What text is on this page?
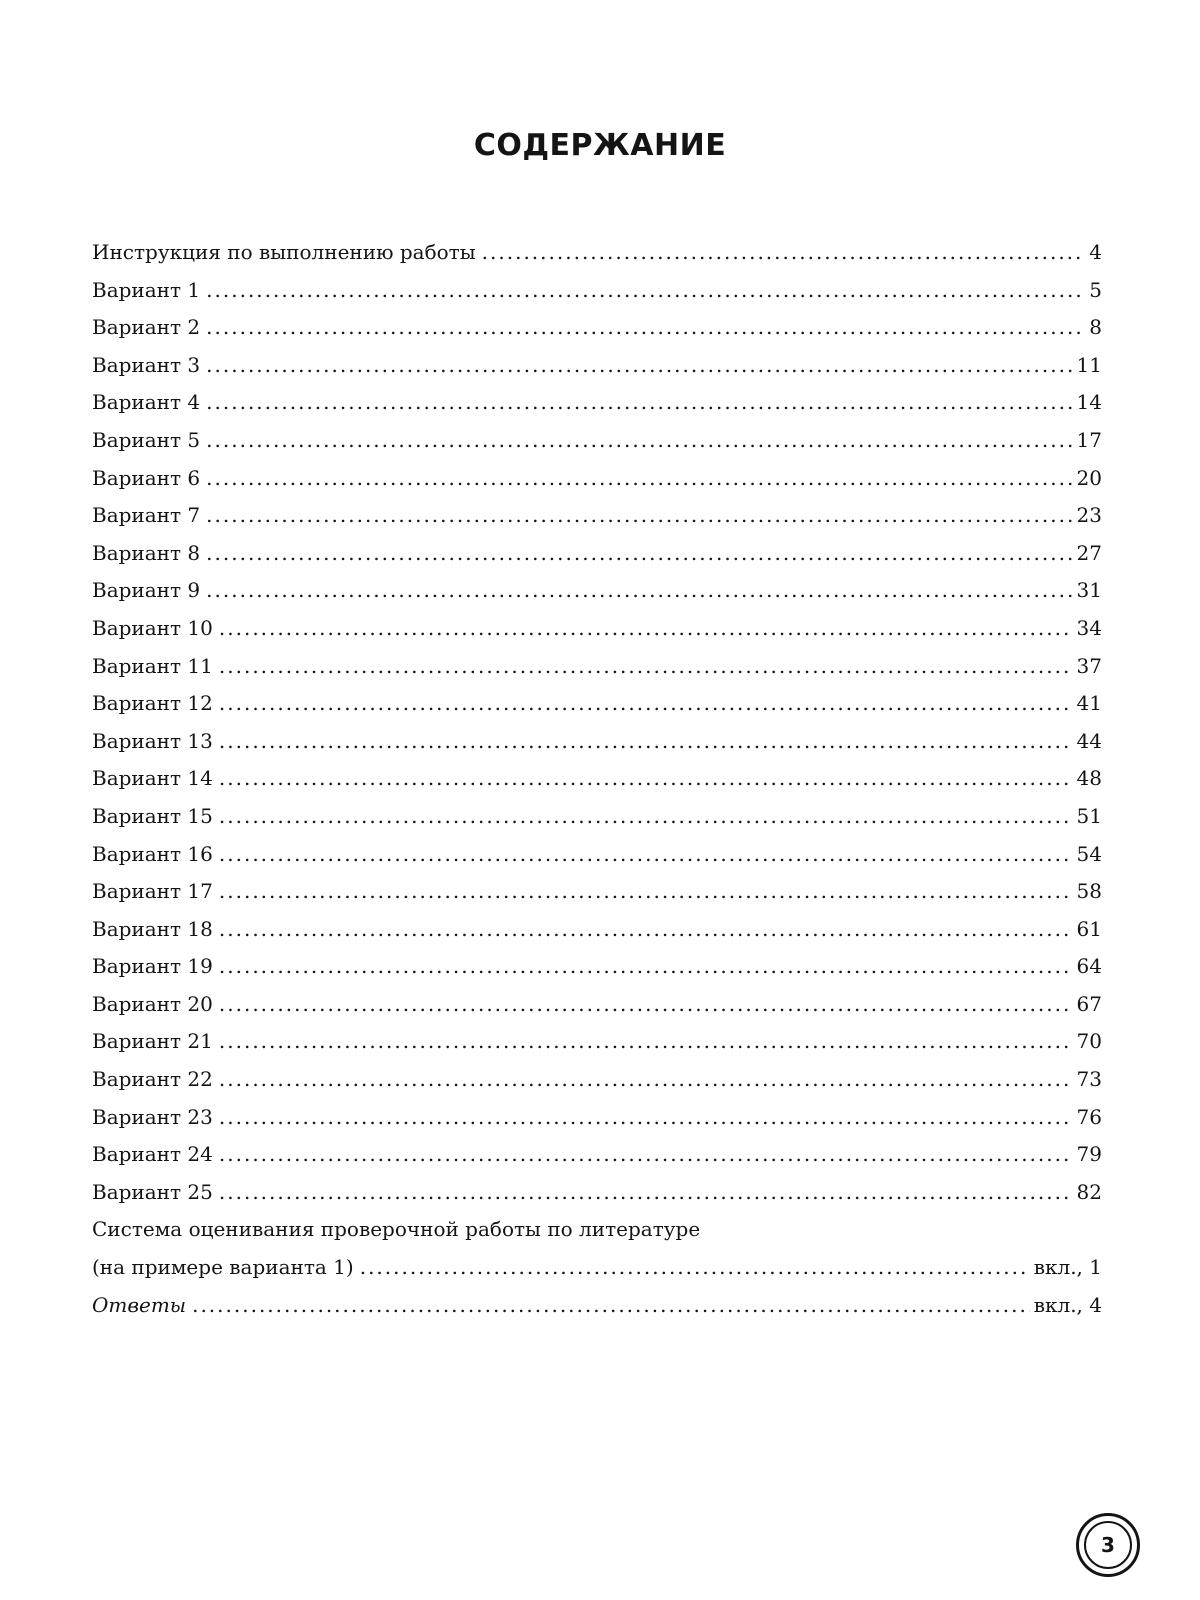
СОДЕРЖАНИЕ
Инструкция по выполнению работы .....	4
Вариант 1 .....	5
Вариант 2 .....	8
Вариант 3 .....	11
Вариант 4 .....	14
Вариант 5 .....	17
Вариант 6 .....	20
Вариант 7 .....	23
Вариант 8 .....	27
Вариант 9 .....	31
Вариант 10 .....	34
Вариант 11 .....	37
Вариант 12 .....	41
Вариант 13 .....	44
Вариант 14 .....	48
Вариант 15 .....	51
Вариант 16 .....	54
Вариант 17 .....	58
Вариант 18 .....	61
Вариант 19 .....	64
Вариант 20 .....	67
Вариант 21 .....	70
Вариант 22 .....	73
Вариант 23 .....	76
Вариант 24 .....	79
Вариант 25 .....	82
Система оценивания проверочной работы по литературе
(на примере варианта 1) .....	вкл., 1
Ответы .....	вкл., 4
3
